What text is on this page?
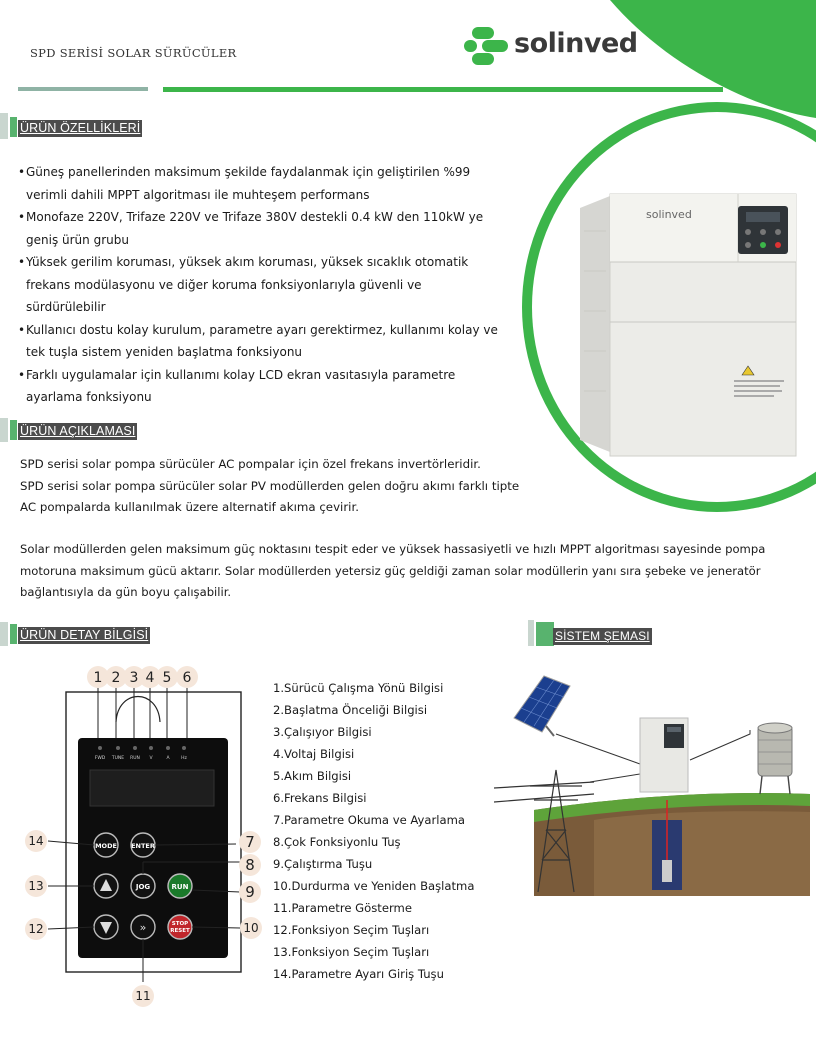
SPD SERİSİ SOLAR SÜRÜCÜLER	solinved
ÜRÜN ÖZELLİKLERİ
• Güneş panellerinden maksimum şekilde faydalanmak için geliştirilen %99
verimli dahili MPPT algoritması ile muhteşem performans
• Monofaze 220V, Trifaze 220V ve Trifaze 380V destekli 0.4 kW den 110kW ye
geniş ürün grubu
• Yüksek gerilim koruması, yüksek akım koruması, yüksek sıcaklık otomatik
frekans modülasyonu ve diğer koruma fonksiyonlarıyla güvenli ve
sürdürülebilir
• Kullanıcı dostu kolay kurulum, parametre ayarı gerektirmez, kullanımı kolay ve
tek tuşla sistem yeniden başlatma fonksiyonu
• Farklı uygulamalar için kullanımı kolay LCD ekran vasıtasıyla parametre
ayarlama fonksiyonu
solinved
ÜRÜN AÇIKLAMASI
SPD serisi solar pompa sürücüler AC pompalar için özel frekans invertörleridir.
SPD serisi solar pompa sürücüler solar PV modüllerden gelen doğru akımı farklı tipte
AC pompalarda kullanılmak üzere alternatif akıma çevirir.
Solar modüllerden gelen maksimum güç noktasını tespit eder ve yüksek hassasiyetli ve hızlı MPPT algoritması sayesinde pompa
motoruna maksimum gücü aktarır. Solar modüllerden yetersiz güç geldiği zaman solar modüllerin yanı sıra şebeke ve jeneratör
bağlantısıyla da gün boyu çalışabilir.
ÜRÜN DETAY BİLGİSİ	SİSTEM ŞEMASI
1 2 3 4 5 6
FWD TUNE RUN V	A	Hz
MODE ENTER
JOG	RUN
»	STOP
RESET
14
13
12
7
8
9
10
11
1.Sürücü Çalışma Yönü Bilgisi
2.Başlatma Önceliği Bilgisi
3.Çalışıyor Bilgisi
4.Voltaj Bilgisi
5.Akım Bilgisi
6.Frekans Bilgisi
7.Parametre Okuma ve Ayarlama
8.Çok Fonksiyonlu Tuş
9.Çalıştırma Tuşu
10.Durdurma ve Yeniden Başlatma
11.Parametre Gösterme
12.Fonksiyon Seçim Tuşları
13.Fonksiyon Seçim Tuşları
14.Parametre Ayarı Giriş Tuşu
